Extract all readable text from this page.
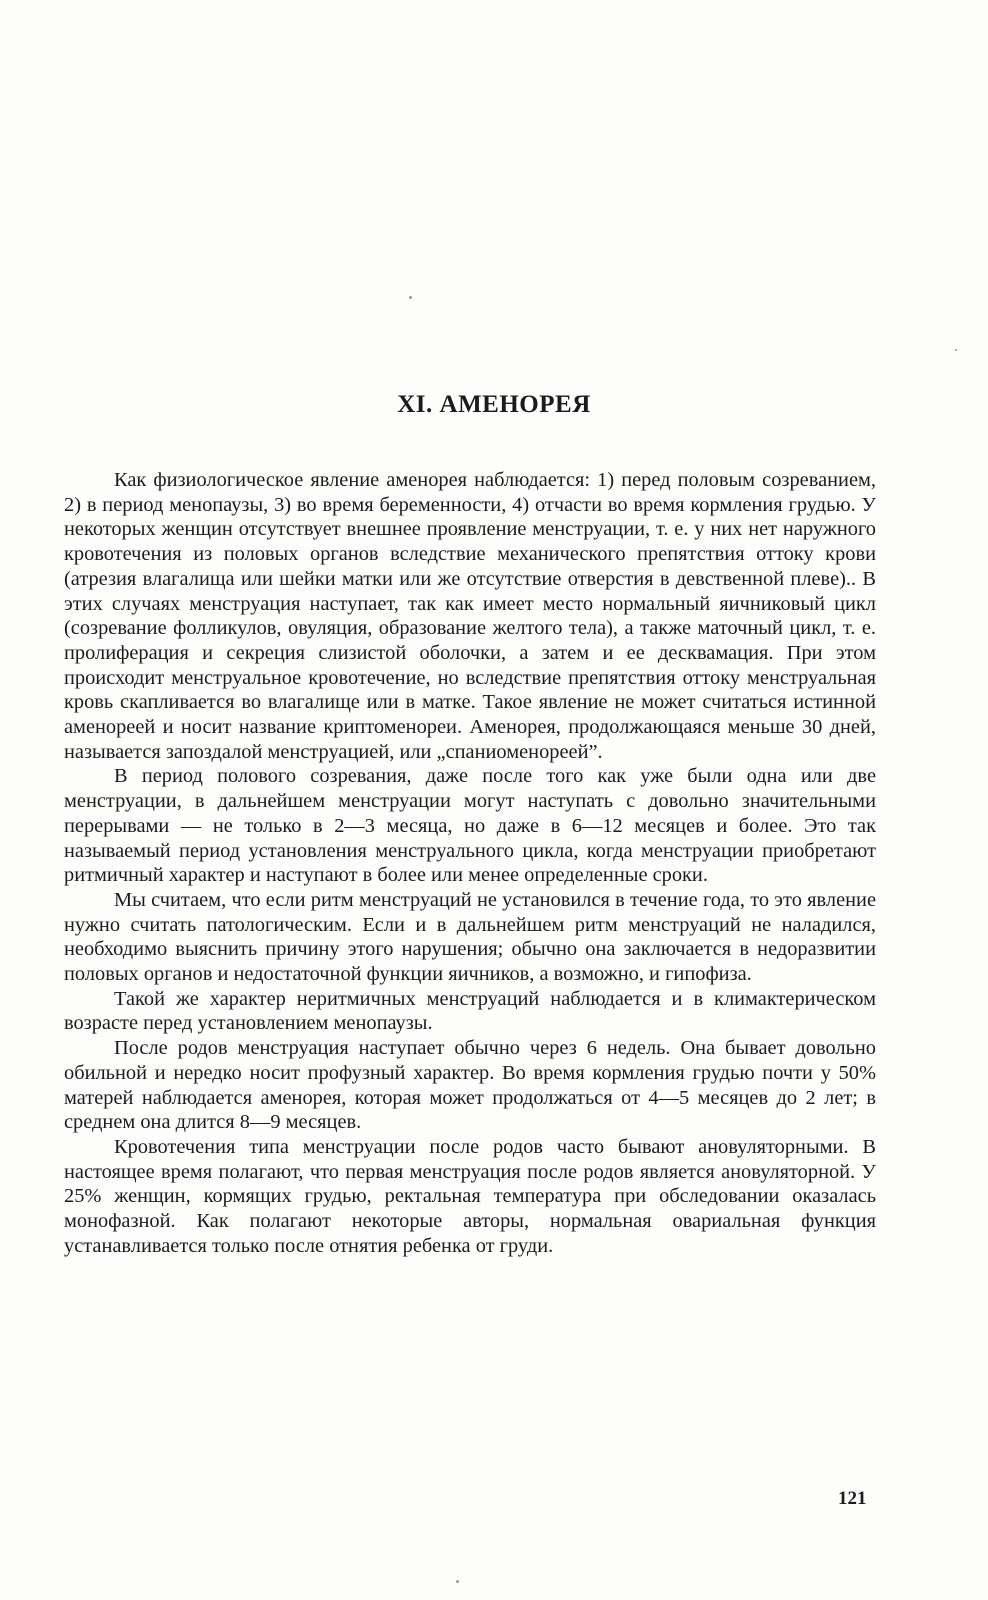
XI. АМЕНОРЕЯ

Как физиологическое явление аменорея наблюдается: 1) перед половым созреванием, 2) в период менопаузы, 3) во время беременности, 4) отчасти во время кормления грудью. У некоторых женщин отсутствует внешнее проявление менструации, т. е. у них нет наружного кровотечения из половых органов вследствие механического препятствия оттоку крови (атрезия влагалища или шейки матки или же отсутствие отверстия в девственной плеве).. В этих случаях менструация наступает, так как имеет место нормальный яичниковый цикл (созревание фолликулов, овуляция, образование желтого тела), а также маточный цикл, т. е. пролиферация и секреция слизистой оболочки, а затем и ее десквамация. При этом происходит менструальное кровотечение, но вследствие препятствия оттоку менструальная кровь скапливается во влагалище или в матке. Такое явление не может считаться истинной аменореей и носит название криптоменореи. Аменорея, продолжающаяся меньше 30 дней, называется запоздалой менструацией, или „спаниоменореей”.

В период полового созревания, даже после того как уже были одна или две менструации, в дальнейшем менструации могут наступать с довольно значительными перерывами — не только в 2—3 месяца, но даже в 6—12 месяцев и более. Это так называемый период установления менструального цикла, когда менструации приобретают ритмичный характер и наступают в более или менее определенные сроки.

Мы считаем, что если ритм менструаций не установился в течение года, то это явление нужно считать патологическим. Если и в дальнейшем ритм менструаций не наладился, необходимо выяснить причину этого нарушения; обычно она заключается в недоразвитии половых органов и недостаточной функции яичников, а возможно, и гипофиза.

Такой же характер неритмичных менструаций наблюдается и в климактерическом возрасте перед установлением менопаузы.

После родов менструация наступает обычно через 6 недель. Она бывает довольно обильной и нередко носит профузный характер. Во время кормления грудью почти у 50% матерей наблюдается аменорея, которая может продолжаться от 4—5 месяцев до 2 лет; в среднем она длится 8—9 месяцев.

Кровотечения типа менструации после родов часто бывают ановуляторными. В настоящее время полагают, что первая менструация после родов является ановуляторной. У 25% женщин, кормящих грудью, ректальная температура при обследовании оказалась монофазной. Как полагают некоторые авторы, нормальная овариальная функция устанавливается только после отнятия ребенка от груди.

121
